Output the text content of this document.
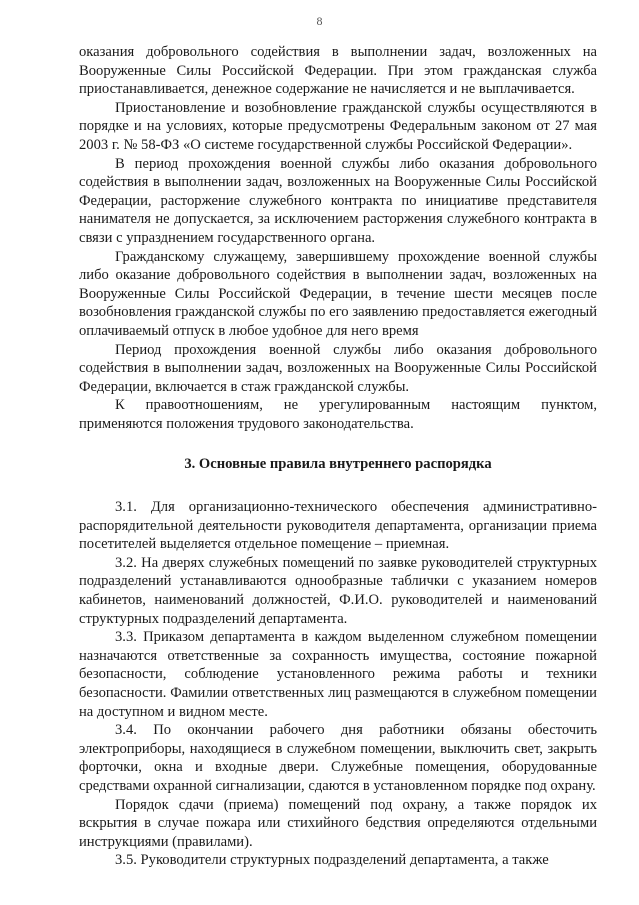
8

оказания добровольного содействия в выполнении задач, возложенных на Вооруженные Силы Российской Федерации. При этом гражданская служба приостанавливается, денежное содержание не начисляется и не выплачивается.

Приостановление и возобновление гражданской службы осуществляются в порядке и на условиях, которые предусмотрены Федеральным законом от 27 мая 2003 г. № 58-ФЗ «О системе государственной службы Российской Федерации».

В период прохождения военной службы либо оказания добровольного содействия в выполнении задач, возложенных на Вооруженные Силы Российской Федерации, расторжение служебного контракта по инициативе представителя нанимателя не допускается, за исключением расторжения служебного контракта в связи с упразднением государственного органа.

Гражданскому служащему, завершившему прохождение военной службы либо оказание добровольного содействия в выполнении задач, возложенных на Вооруженные Силы Российской Федерации, в течение шести месяцев после возобновления гражданской службы по его заявлению предоставляется ежегодный оплачиваемый отпуск в любое удобное для него время

Период прохождения военной службы либо оказания добровольного содействия в выполнении задач, возложенных на Вооруженные Силы Российской Федерации, включается в стаж гражданской службы.

К правоотношениям, не урегулированным настоящим пунктом, применяются положения трудового законодательства.

3. Основные правила внутреннего распорядка

3.1. Для организационно-технического обеспечения административно-распорядительной деятельности руководителя департамента, организации приема посетителей выделяется отдельное помещение – приемная.

3.2. На дверях служебных помещений по заявке руководителей структурных подразделений устанавливаются однообразные таблички с указанием номеров кабинетов, наименований должностей, Ф.И.О. руководителей и наименований структурных подразделений департамента.

3.3. Приказом департамента в каждом выделенном служебном помещении назначаются ответственные за сохранность имущества, состояние пожарной безопасности, соблюдение установленного режима работы и техники безопасности. Фамилии ответственных лиц размещаются в служебном помещении на доступном и видном месте.

3.4. По окончании рабочего дня работники обязаны обесточить электроприборы, находящиеся в служебном помещении, выключить свет, закрыть форточки, окна и входные двери. Служебные помещения, оборудованные средствами охранной сигнализации, сдаются в установленном порядке под охрану.

Порядок сдачи (приема) помещений под охрану, а также порядок их вскрытия в случае пожара или стихийного бедствия определяются отдельными инструкциями (правилами).

3.5. Руководители структурных подразделений департамента, а также
